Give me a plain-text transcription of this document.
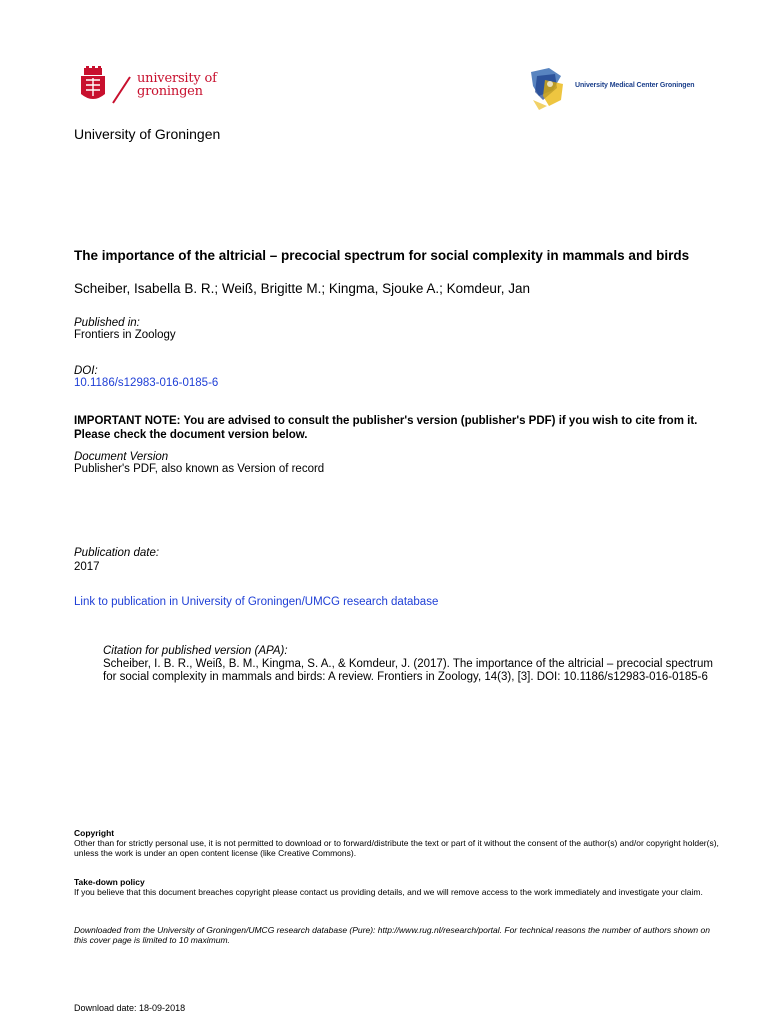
university of
groningen	University Medical Center Groningen
University of Groningen
The importance of the altricial – precocial spectrum for social complexity in mammals and birds
Scheiber, Isabella B. R.; Weiß, Brigitte M.; Kingma, Sjouke A.; Komdeur, Jan
Published in:
Frontiers in Zoology
DOI:
10.1186/s12983-016-0185-6
IMPORTANT NOTE: You are advised to consult the publisher's version (publisher's PDF) if you wish to cite from it. Please check the document version below.
Document Version
Publisher's PDF, also known as Version of record
Publication date:
2017
Link to publication in University of Groningen/UMCG research database
Citation for published version (APA):
Scheiber, I. B. R., Weiß, B. M., Kingma, S. A., & Komdeur, J. (2017). The importance of the altricial – precocial spectrum for social complexity in mammals and birds: A review. Frontiers in Zoology, 14(3), [3]. DOI: 10.1186/s12983-016-0185-6
Copyright
Other than for strictly personal use, it is not permitted to download or to forward/distribute the text or part of it without the consent of the author(s) and/or copyright holder(s), unless the work is under an open content license (like Creative Commons).
Take-down policy
If you believe that this document breaches copyright please contact us providing details, and we will remove access to the work immediately and investigate your claim.
Downloaded from the University of Groningen/UMCG research database (Pure): http://www.rug.nl/research/portal. For technical reasons the number of authors shown on this cover page is limited to 10 maximum.
Download date: 18-09-2018
